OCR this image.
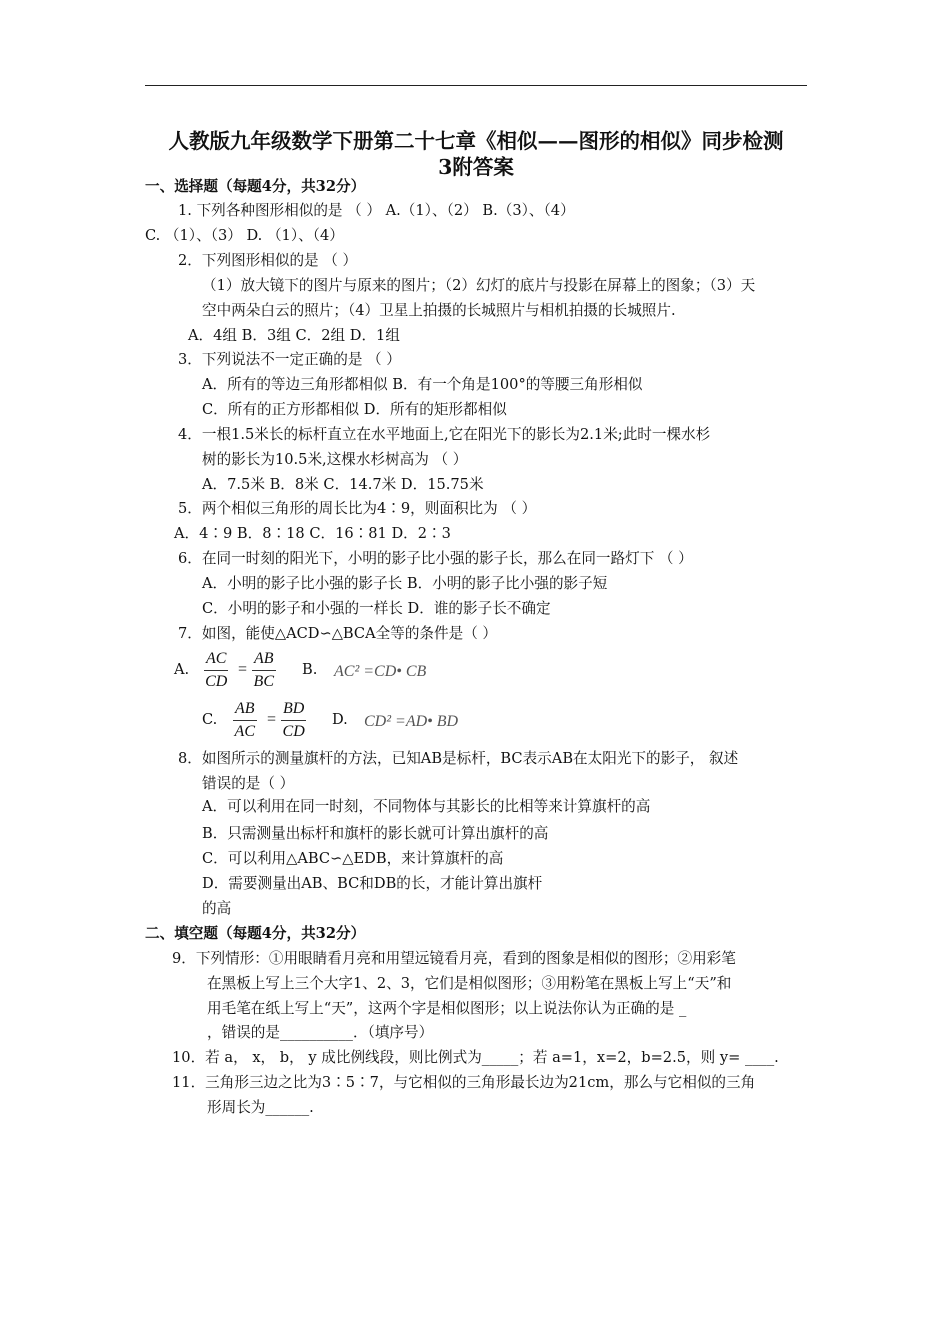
人教版九年级数学下册第二十七章《相似——图形的相似》同步检测
3附答案
一、选择题（每题4分，共32分）
1. 下列各种图形相似的是 （ ） A.（1）、（2） B.（3）、（4）
C. （1）、（3） D. （1）、（4）
2．下列图形相似的是 （ ）
（1）放大镜下的图片与原来的图片；（2）幻灯的底片与投影在屏幕上的图象；（3）天
空中两朵白云的照片；（4）卫星上拍摄的长城照片与相机拍摄的长城照片.
A．4组 B．3组 C．2组 D．1组
3．下列说法不一定正确的是 （ ）
A．所有的等边三角形都相似 B．有一个角是100°的等腰三角形相似
C．所有的正方形都相似 D．所有的矩形都相似
4．一根1.5米长的标杆直立在水平地面上,它在阳光下的影长为2.1米;此时一棵水杉
树的影长为10.5米,这棵水杉树高为 （ ）
A．7.5米 B．8米 C．14.7米 D．15.75米
5．两个相似三角形的周长比为4∶9，则面积比为 （ ）
A．4∶9 B．8∶18 C．16∶81 D．2∶3
6．在同一时刻的阳光下，小明的影子比小强的影子长，那么在同一路灯下 （ ）
A．小明的影子比小强的影子长 B．小明的影子比小强的影子短
C．小明的影子和小强的一样长 D．谁的影子长不确定
7．如图，能使△ACD∽△BCA全等的条件是（ ）
A. $\frac{AC}{CD} = \frac{AB}{BC} B$. AC² =CD• CB
C. $\frac{AB}{AC} = \frac{BD}{CD} D$. CD² =AD• BD
8．如图所示的测量旗杆的方法，已知AB是标杆，BC表示AB在太阳光下的影子， 叙述
错误的是（ ）
A．可以利用在同一时刻，不同物体与其影长的比相等来计算旗杆的高
B．只需测量出标杆和旗杆的影长就可计算出旗杆的高
C．可以利用△ABC∽△EDB，来计算旗杆的高
D．需要测量出AB、BC和DB的长，才能计算出旗杆
的高
二、填空题（每题4分，共32分）
9．下列情形：①用眼睛看月亮和用望远镜看月亮，看到的图象是相似的图形；②用彩笔
在黑板上写上三个大字1、2、3，它们是相似图形；③用粉笔在黑板上写上“天”和
用毛笔在纸上写上“天”，这两个字是相似图形；以上说法你认为正确的是 _
，错误的是__________．（填序号）
10．若 a， x， b， y 成比例线段，则比例式为_____；若 a=1，x=2，b=2.5，则 y= ____.
11．三角形三边之比为3∶5∶7，与它相似的三角形最长边为21cm，那么与它相似的三角
形周长为______.
